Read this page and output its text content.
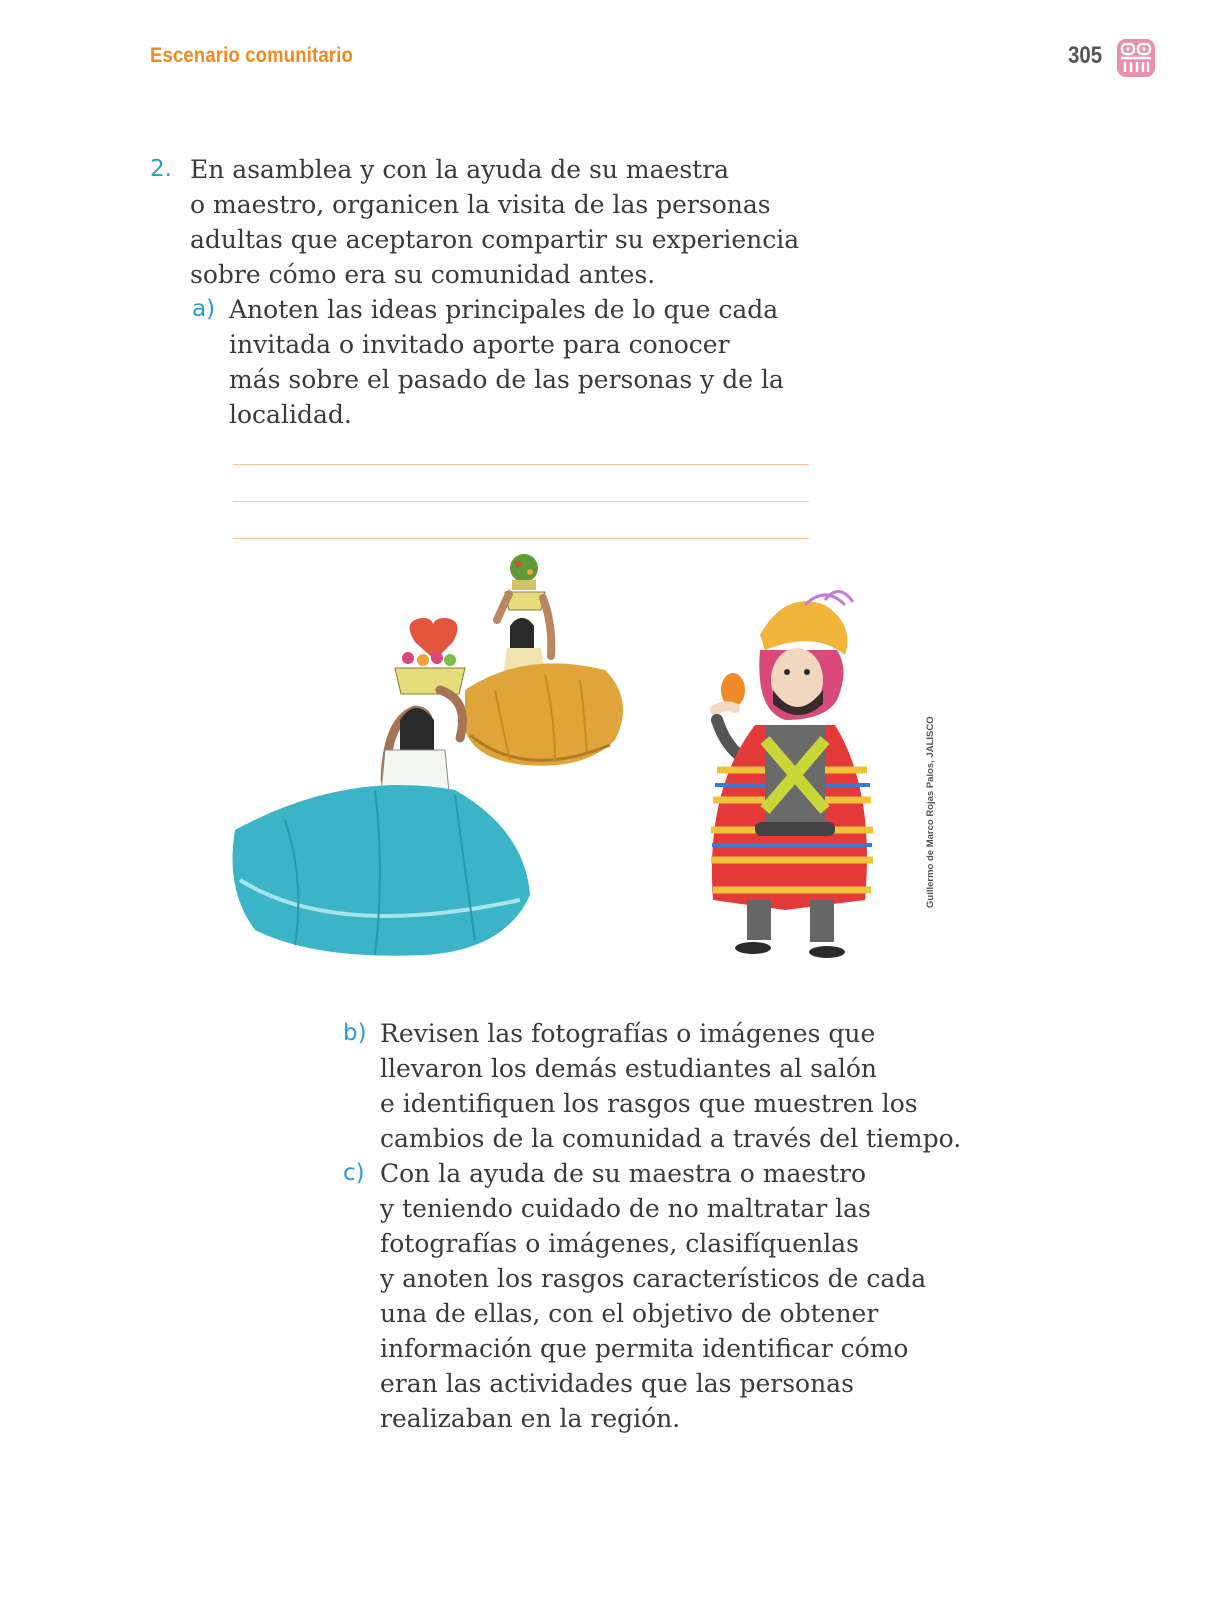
Escenario comunitario	305
2. En asamblea y con la ayuda de su maestra
o maestro, organicen la visita de las personas
adultas que aceptaron compartir su experiencia
sobre cómo era su comunidad antes.
a) Anoten las ideas principales de lo que cada
invitada o invitado aporte para conocer
más sobre el pasado de las personas y de la
localidad.
Guillermo de Marco Rojas Palos, JALISCO
b) Revisen las fotografías o imágenes que
llevaron los demás estudiantes al salón
e identifiquen los rasgos que muestren los
cambios de la comunidad a través del tiempo.
c) Con la ayuda de su maestra o maestro
y teniendo cuidado de no maltratar las
fotografías o imágenes, clasifíquenlas
y anoten los rasgos característicos de cada
una de ellas, con el objetivo de obtener
información que permita identificar cómo
eran las actividades que las personas
realizaban en la región.
